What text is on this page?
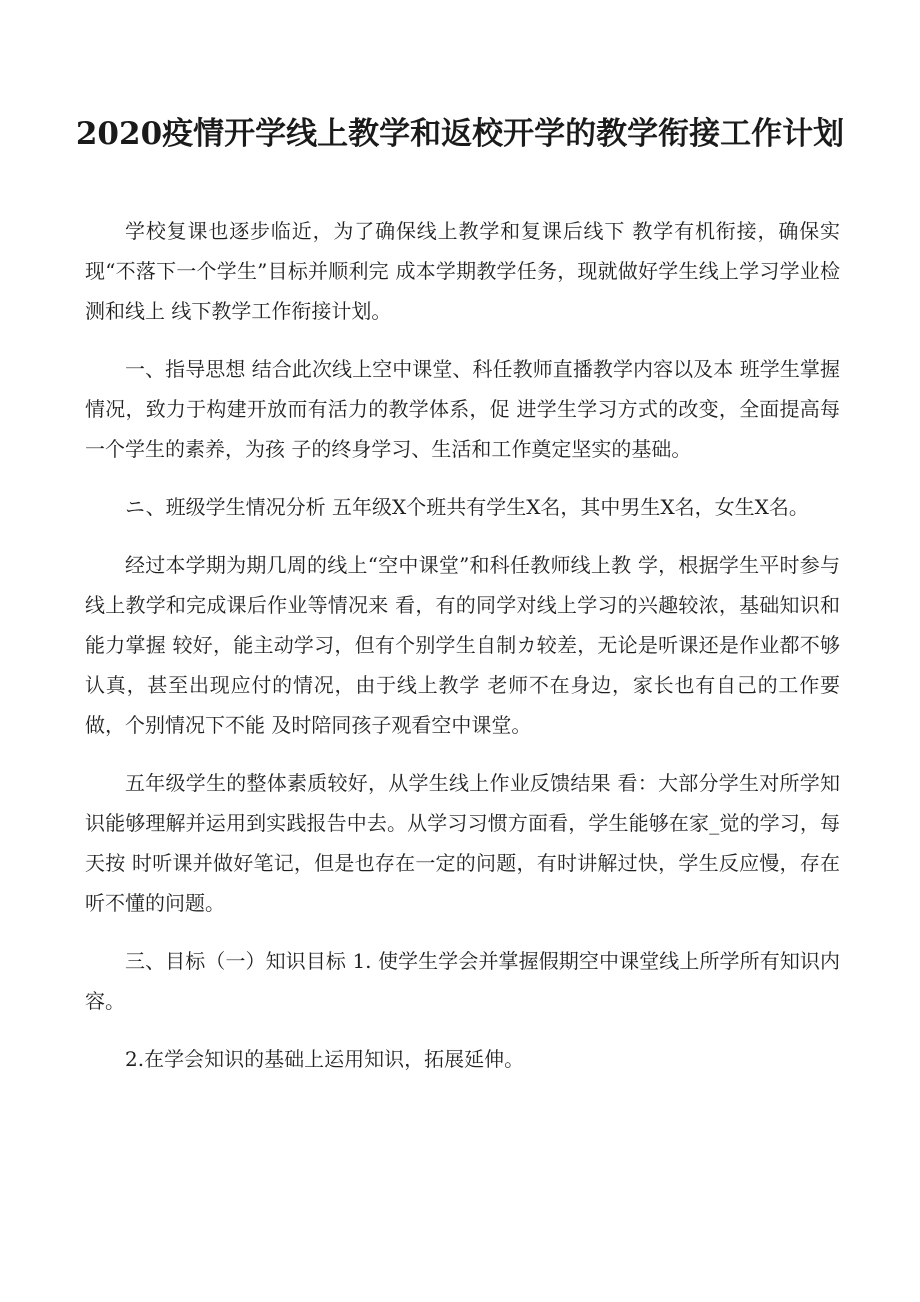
2020疫情开学线上教学和返校开学的教学衔接工作计划

学校复课也逐步临近，为了确保线上教学和复课后线下 教学有机衔接，确保实现“不落下一个学生”目标并顺利完 成本学期教学任务，现就做好学生线上学习学业检测和线上 线下教学工作衔接计划。

一、指导思想 结合此次线上空中课堂、科任教师直播教学内容以及本 班学生掌握情况，致力于构建开放而有活力的教学体系，促 进学生学习方式的改变，全面提高每一个学生的素养，为孩 子的终身学习、生活和工作奠定坚实的基础。

ニ、班级学生情况分析 五年级X个班共有学生X名，其中男生X名，女生X名。

经过本学期为期几周的线上“空中课堂”和科任教师线上教 学，根据学生平时参与线上教学和完成课后作业等情况来 看，有的同学对线上学习的兴趣较浓，基础知识和能力掌握 较好，能主动学习，但有个别学生自制カ较差，无论是听课还是作业都不够认真，甚至出现应付的情况，由于线上教学 老师不在身边，家长也有自己的工作要做，个别情况下不能 及时陪同孩子观看空中课堂。

五年级学生的整体素质较好，从学生线上作业反馈结果 看：大部分学生对所学知识能够理解并运用到实践报告中去。从学习习惯方面看，学生能够在家_觉的学习，每天按 时听课并做好笔记，但是也存在一定的问题，有时讲解过快，学生反应慢，存在听不懂的问题。

三、目标（一）知识目标 1. 使学生学会并掌握假期空中课堂线上所学所有知识内容。

2.在学会知识的基础上运用知识，拓展延伸。
